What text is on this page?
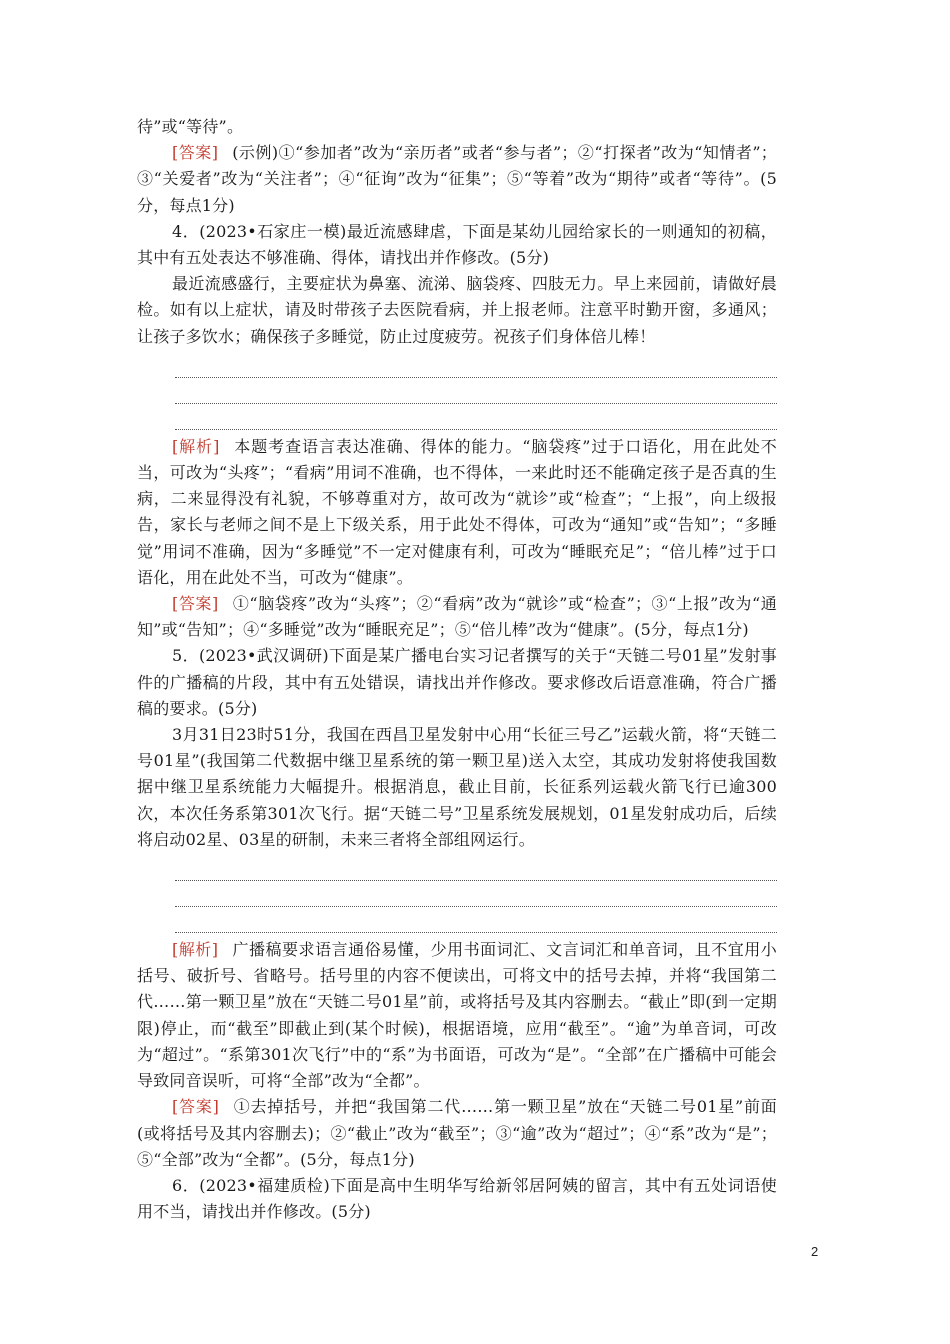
待”或“等待”。

[答案] (示例)①“参加者”改为“亲历者”或者“参与者”；②“打探者”改为“知情者”；③“关爱者”改为“关注者”；④“征询”改为“征集”；⑤“等着”改为“期待”或者“等待”。(5分，每点1分)

4．(2023•石家庄一模)最近流感肆虐，下面是某幼儿园给家长的一则通知的初稿，其中有五处表达不够准确、得体，请找出并作修改。(5分)

最近流感盛行，主要症状为鼻塞、流涕、脑袋疼、四肢无力。早上来园前，请做好晨检。如有以上症状，请及时带孩子去医院看病，并上报老师。注意平时勤开窗，多通风；让孩子多饮水；确保孩子多睡觉，防止过度疲劳。祝孩子们身体倍儿棒！

[解析] 本题考查语言表达准确、得体的能力。“脑袋疼”过于口语化，用在此处不当，可改为“头疼”；“看病”用词不准确，也不得体，一来此时还不能确定孩子是否真的生病，二来显得没有礼貌，不够尊重对方，故可改为“就诊”或“检查”；“上报”，向上级报告，家长与老师之间不是上下级关系，用于此处不得体，可改为“通知”或“告知”；“多睡觉”用词不准确，因为“多睡觉”不一定对健康有利，可改为“睡眠充足”；“倍儿棒”过于口语化，用在此处不当，可改为“健康”。

[答案] ①“脑袋疼”改为“头疼”；②“看病”改为“就诊”或“检查”；③“上报”改为“通知”或“告知”；④“多睡觉”改为“睡眠充足”；⑤“倍儿棒”改为“健康”。(5分，每点1分)

5．(2023•武汉调研)下面是某广播电台实习记者撰写的关于“天链二号01星”发射事件的广播稿的片段，其中有五处错误，请找出并作修改。要求修改后语意准确，符合广播稿的要求。(5分)

3月31日23时51分，我国在西昌卫星发射中心用“长征三号乙”运载火箭，将“天链二号01星”(我国第二代数据中继卫星系统的第一颗卫星)送入太空，其成功发射将使我国数据中继卫星系统能力大幅提升。根据消息，截止目前，长征系列运载火箭飞行已逾300次，本次任务系第301次飞行。据“天链二号”卫星系统发展规划，01星发射成功后，后续将启动02星、03星的研制，未来三者将全部组网运行。

[解析] 广播稿要求语言通俗易懂，少用书面词汇、文言词汇和单音词，且不宜用小括号、破折号、省略号。括号里的内容不便读出，可将文中的括号去掉，并将“我国第二代……第一颗卫星”放在“天链二号01星”前，或将括号及其内容删去。“截止”即(到一定期限)停止，而“截至”即截止到(某个时候)，根据语境，应用“截至”。“逾”为单音词，可改为“超过”。“系第301次飞行”中的“系”为书面语，可改为“是”。“全部”在广播稿中可能会导致同音误听，可将“全部”改为“全都”。

[答案] ①去掉括号，并把“我国第二代……第一颗卫星”放在“天链二号01星”前面(或将括号及其内容删去)；②“截止”改为“截至”；③“逾”改为“超过”；④“系”改为“是”；⑤“全部”改为“全都”。(5分，每点1分)

6．(2023•福建质检)下面是高中生明华写给新邻居阿姨的留言，其中有五处词语使用不当，请找出并作修改。(5分)

2
